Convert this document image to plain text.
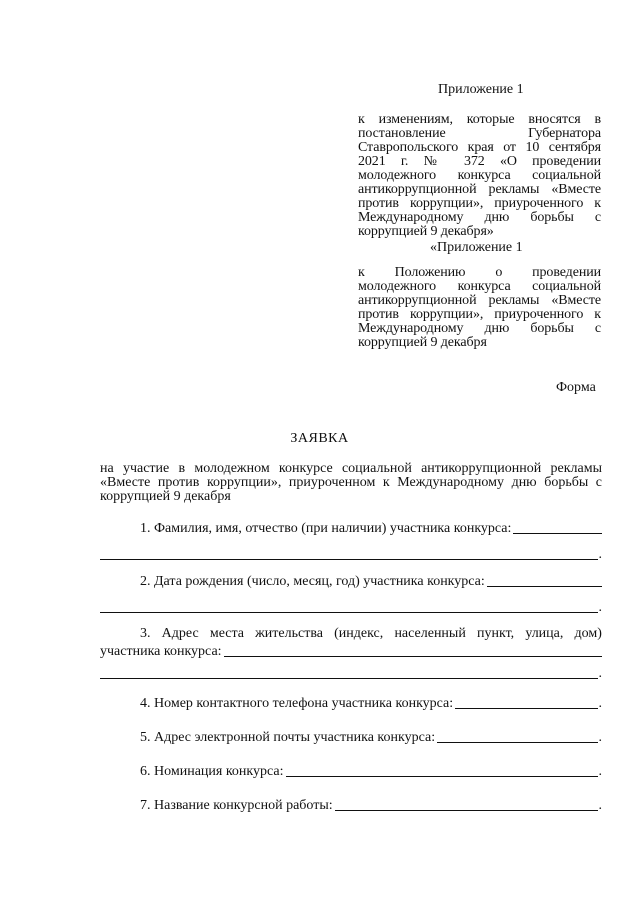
Приложение 1
к изменениям, которые вносятся в постановление Губернатора Ставропольского края от 10 сентября 2021 г. № 372 «О проведении молодежного конкурса социальной антикоррупционной рекламы «Вместе против коррупции», приуроченного к Международному дню борьбы с коррупцией 9 декабря»
«Приложение 1
к Положению о проведении молодежного конкурса социальной антикоррупционной рекламы «Вместе против коррупции», приуроченного к Международному дню борьбы с коррупцией 9 декабря
Форма
ЗАЯВКА
на участие в молодежном конкурсе социальной антикоррупционной рекламы «Вместе против коррупции», приуроченном к Международному дню борьбы с коррупцией 9 декабря
1. Фамилия, имя, отчество (при наличии) участника конкурса:
.
2. Дата рождения (число, месяц, год) участника конкурса:
.
3. Адрес места жительства (индекс, населенный пункт, улица, дом)
участника конкурса:
.
4. Номер контактного телефона участника конкурса:	.
5. Адрес электронной почты участника конкурса:	.
6. Номинация конкурса:	.
7. Название конкурсной работы:	.
